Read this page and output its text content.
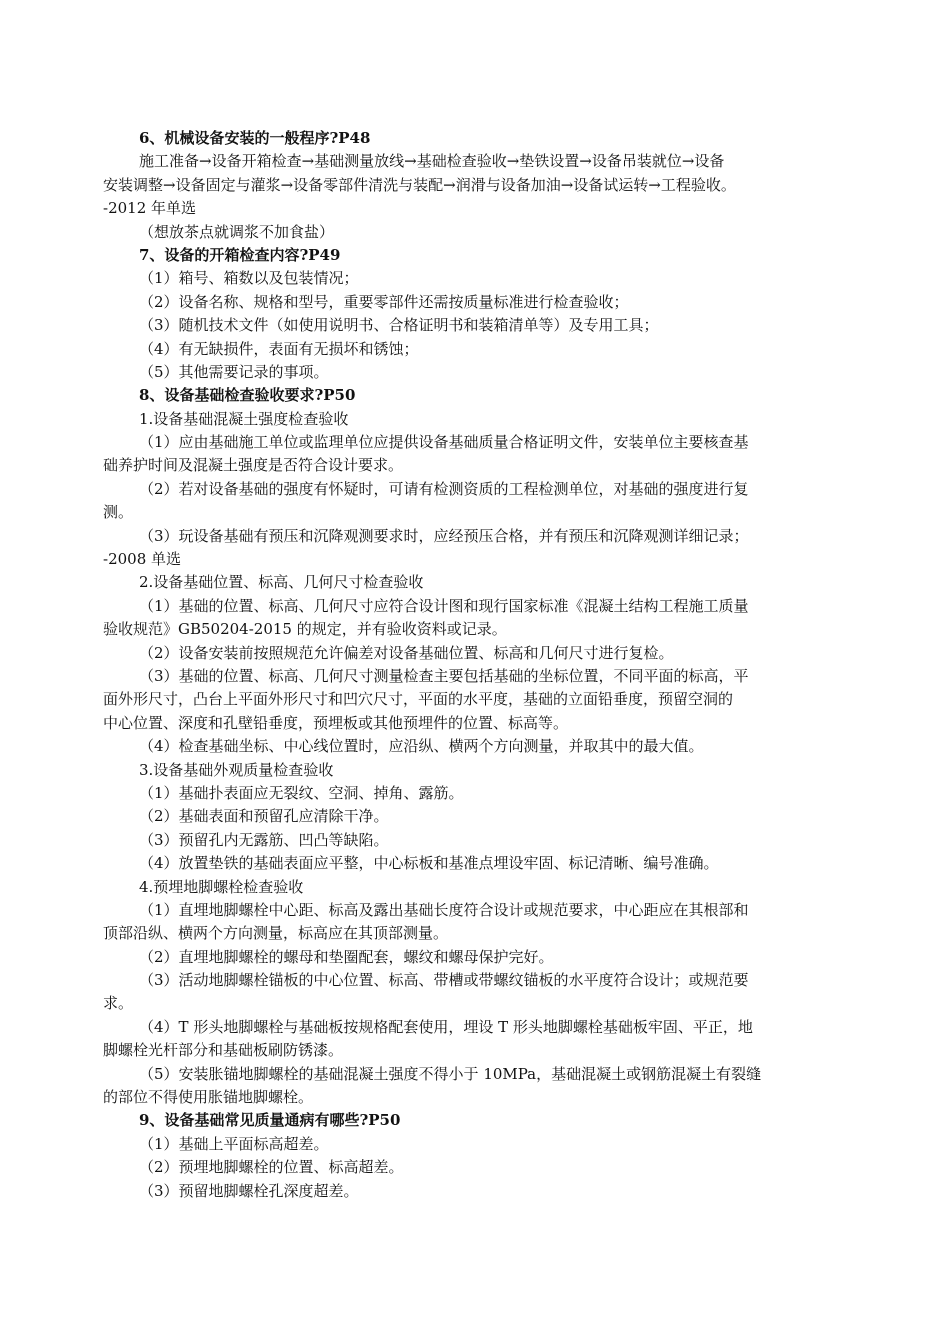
6、机械设备安装的一般程序?P48
施工准备→设备开箱检查→基础测量放线→基础检查验收→垫铁设置→设备吊装就位→设备
安装调整→设备固定与灌浆→设备零部件清洗与装配→润滑与设备加油→设备试运转→工程验收。
-2012 年单选
（想放茶点就调浆不加食盐）
7、设备的开箱检查内容?P49
（1）箱号、箱数以及包装情况；
（2）设备名称、规格和型号，重要零部件还需按质量标准进行检查验收；
（3）随机技术文件（如使用说明书、合格证明书和装箱清单等）及专用工具；
（4）有无缺损件，表面有无损坏和锈蚀；
（5）其他需要记录的事项。
8、设备基础检查验收要求?P50
1.设备基础混凝土强度检查验收
（1）应由基础施工单位或监理单位应提供设备基础质量合格证明文件，安装单位主要核查基
础养护时间及混凝土强度是否符合设计要求。
（2）若对设备基础的强度有怀疑时，可请有检测资质的工程检测单位，对基础的强度进行复
测。
（3）玩设备基础有预压和沉降观测要求时，应经预压合格，并有预压和沉降观测详细记录；
-2008 单选
2.设备基础位置、标高、几何尺寸检查验收
（1）基础的位置、标高、几何尺寸应符合设计图和现行国家标准《混凝土结构工程施工质量
验收规范》GB50204-2015 的规定，并有验收资料或记录。
（2）设备安装前按照规范允许偏差对设备基础位置、标高和几何尺寸进行复检。
（3）基础的位置、标高、几何尺寸测量检查主要包括基础的坐标位置，不同平面的标高，平
面外形尺寸，凸台上平面外形尺寸和凹穴尺寸，平面的水平度，基础的立面铅垂度，预留空洞的
中心位置、深度和孔壁铅垂度，预埋板或其他预埋件的位置、标高等。
（4）检查基础坐标、中心线位置时，应沿纵、横两个方向测量，并取其中的最大值。
3.设备基础外观质量检查验收
（1）基础扑表面应无裂纹、空洞、掉角、露筋。
（2）基础表面和预留孔应清除干净。
（3）预留孔内无露筋、凹凸等缺陷。
（4）放置垫铁的基础表面应平整，中心标板和基准点埋设牢固、标记清晰、编号准确。
4.预埋地脚螺栓检查验收
（1）直埋地脚螺栓中心距、标高及露出基础长度符合设计或规范要求，中心距应在其根部和
顶部沿纵、横两个方向测量，标高应在其顶部测量。
（2）直埋地脚螺栓的螺母和垫圈配套，螺纹和螺母保护完好。
（3）活动地脚螺栓锚板的中心位置、标高、带槽或带螺纹锚板的水平度符合设计；或规范要
求。
（4）T 形头地脚螺栓与基础板按规格配套使用，埋设 T 形头地脚螺栓基础板牢固、平正，地
脚螺栓光杆部分和基础板刷防锈漆。
（5）安装胀锚地脚螺栓的基础混凝土强度不得小于 10MPa，基础混凝土或钢筋混凝土有裂缝
的部位不得使用胀锚地脚螺栓。
9、设备基础常见质量通病有哪些?P50
（1）基础上平面标高超差。
（2）预埋地脚螺栓的位置、标高超差。
（3）预留地脚螺栓孔深度超差。
